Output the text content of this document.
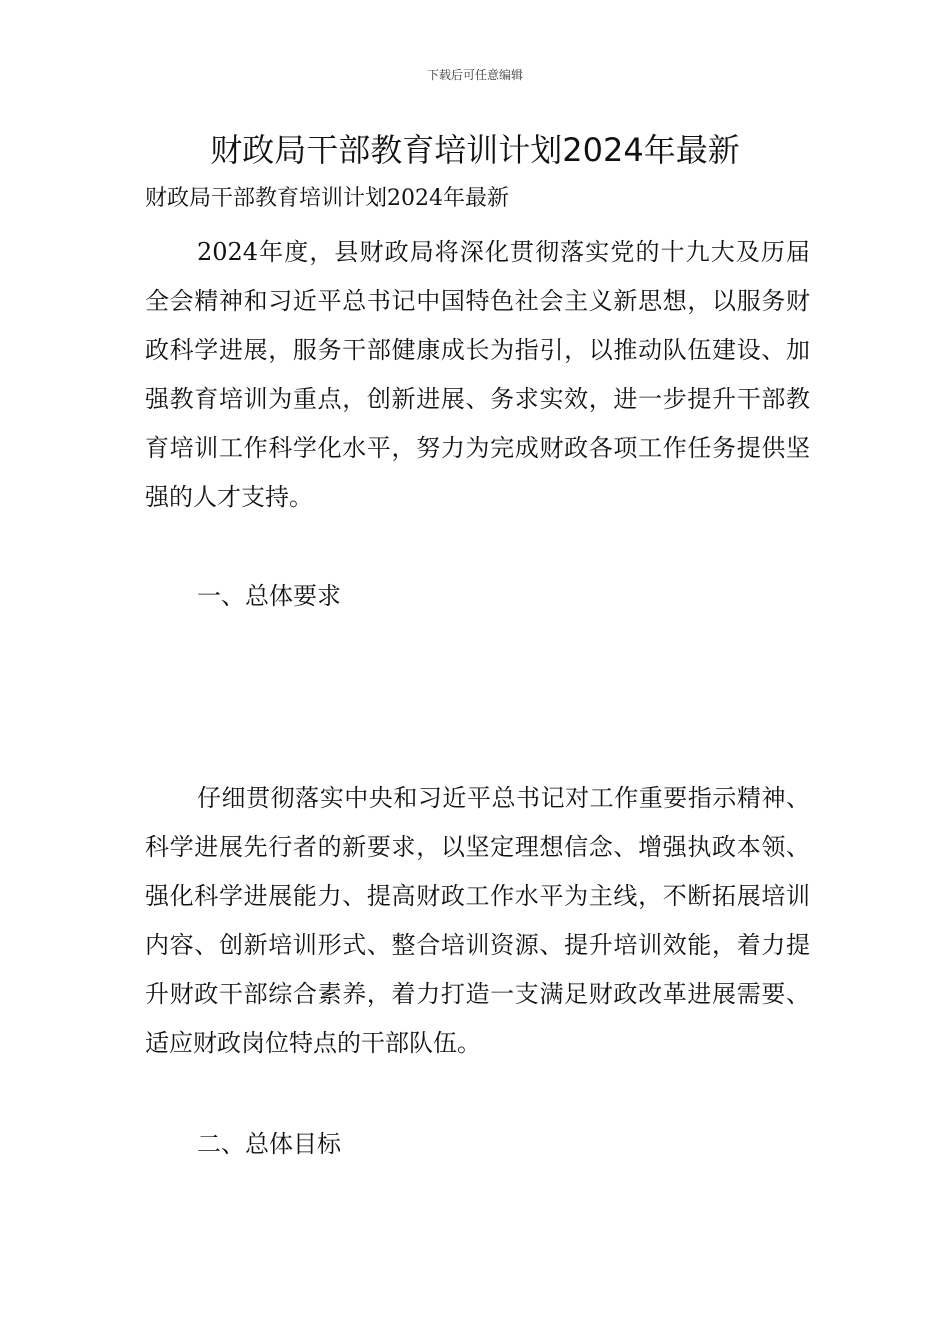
下载后可任意编辑
财政局干部教育培训计划2024年最新
财政局干部教育培训计划2024年最新

2024年度，县财政局将深化贯彻落实党的十九大及历届全会精神和习近平总书记中国特色社会主义新思想，以服务财政科学进展，服务干部健康成长为指引，以推动队伍建设、加强教育培训为重点，创新进展、务求实效，进一步提升干部教育培训工作科学化水平，努力为完成财政各项工作任务提供坚强的人才支持。

一、总体要求

仔细贯彻落实中央和习近平总书记对工作重要指示精神、科学进展先行者的新要求，以坚定理想信念、增强执政本领、强化科学进展能力、提高财政工作水平为主线，不断拓展培训内容、创新培训形式、整合培训资源、提升培训效能，着力提升财政干部综合素养，着力打造一支满足财政改革进展需要、适应财政岗位特点的干部队伍。

二、总体目标
